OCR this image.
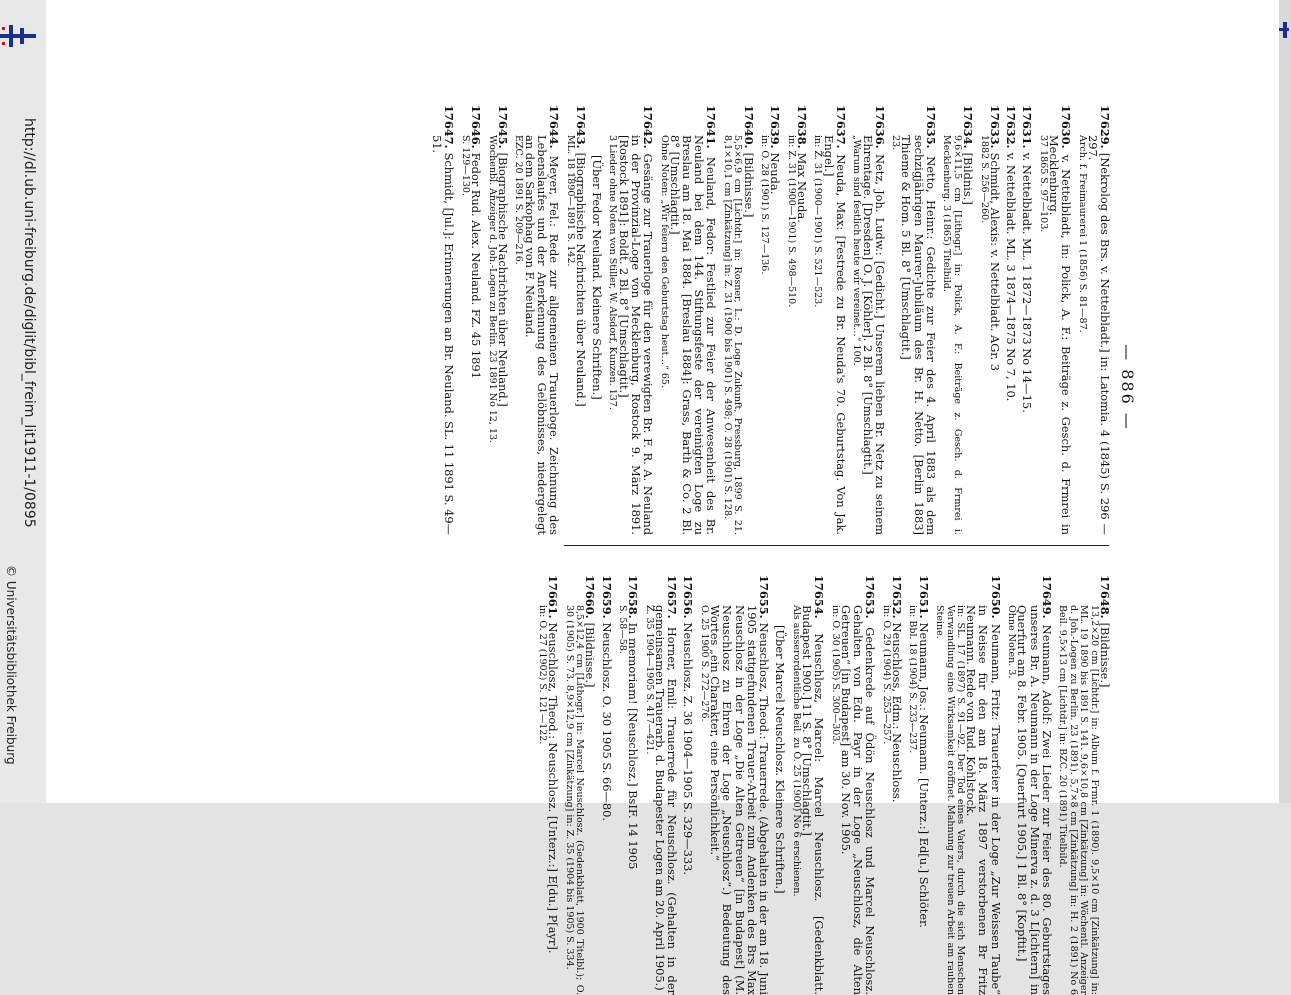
http://dl.ub.uni-freiburg.de/diglit/bibl_freim_lit1911-1/0895
© Universitätsbibliothek Freiburg
— 886 —
17629. [Nekrolog des Brs. v. Nettelbladt.] in: Latomia. 4 (1845) S. 296 — 297.
Arch. f. Freimaurerei 1 (1856) S. 81—87.
17630. v. Nettelbladt, in: Polick, A. F.: Beiträge z. Gesch. d. Frmrei in Mecklenburg.
37 1865 S. 97—103.
17631. v. Nettelbladt. ML. 1 1872—1873 No 14—15.
17632. v. Nettelbladt. ML. 3 1874—1875 No 7, 10.
17633. Schmidt, Alexis: v. Nettelbladt. AGr. 3
1882 S. 256—260.
17634. [Bildnis.]
9,6×11,5 cm [Lithogr.] in: Polick, A. F.: Beiträge z. Gesch. d. Frmrei i. Mecklenburg. 3 (1865) Titelbild.
17635. Netto, Heinr.: Gedichte zur Feier des 4. April 1883 als dem sechzigjährigen Maurer-Jubiläum des Br. H. Netto. [Berlin 1883] Thieme & Hom. 5 Bl. 8° [Umschlagtit.]
23.
17636. Netz, Joh. Ludw.: [Gedicht.] Unserem lieben Br. Netz zu seinem Ehrentage. [Dresden] O. J. [Köhler]. 2 Bl. 8° [Umschlagtit.]
„Warum sind festlich heute wir vereinet…“ 100.
17637. Neuda, Max: [Festrede zu Br. Neuda's 70. Geburtstag. Von Jak. Engel.]
in: Z. 31 (1900—1901) S. 521—523.
17638. Max Neuda.
in: Z. 31 (1900—1901) S. 498—510.
17639. Neuda.
in: O. 28 (1901) S. 127—136.
17640. [Bildnisse.]
5,5×6,9 cm [Lichtdr.] in: Rosner, L.: D. Loge Zukunft, Pressburg, 1899 S. 21. 8,1×10,1 cm [Zinkätzung] in: Z. 31 (1900 bis 1901) S. 498; O. 28 (1901) S. 128.
17641. Neuland, Fedor: Festlied zur Feier der Anwesenheit des Br. Neuland bei dem 144. Stiftungsfeste der vereinigten Loge zu Breslau am 18. Mai 1884. [Breslau 1884]: Grass, Barth & Co. 2 Bl. 8° [Umschlagtit.]
Ohne Noten: „Wir feiern den Geburtstag heut…“ 65.
17642. Gesänge zur Trauerloge für den verewigten Br. F. R. A. Neuland in der Provinzial-Loge von Mecklenburg, Rostock 9. März 1891. [Rostock 1891]: Boldt. 2 Bl. 8° [Umschlagtit.]
3 Lieder ohne Noten von Stiller, W. Alsdorf, Kunzen. 137.
[Über Fedor Neuland. Kleinere Schriften.]
17643. [Biographische Nachrichten über Neuland.]
ML. 18 1890—1891 S. 142.
17644. Meyer, Fel.: Rede zur allgemeinen Trauerloge. Zeichnung des Lebenslaufes und der Anerkennung des Gelöbnisses, niedergelegt an dem Sarkophag von F. Neuland.
EZC. 20 1891 S. 209—216.
17645. [Biographische Nachrichten über Neuland.]
Wochenbl. Anzeiger d. Joh.-Logen zu Berlin. 23 1891 No 12, 13.
17646. Fedor Rud. Alex. Neuland. FZ. 45 1891
S. 129—130.
17647. Schmidt, [Jul.]: Erinnerungen an Br. Neuland. SL. 11 1891 S. 49—51.
17648. [Bildnisse.]
13,2×20 cm [Lichtdr.] in: Album f. Frmr. 1 (1890). 9,5×10 cm [Zinkätzung] in: ML. 19 1890 bis 1891 S. 141. 9,6×10,8 cm [Zinkätzung] in: Wöchentl. Anzeiger d. Joh.-Logen zu Berlin. 23 (1891). 5,7×8 cm [Zinkätzung] in: H. 2 (1891) No 6 Beil. 9,5×13 cm [Lichtdr.] in: BZC. 20 (1891) Titelbild.
17649. Neumann, Adolf: Zwei Lieder zur Feier des 80. Geburtstages unseres Br. A. Neumann in der Loge Minerva z. d. 3 L[ichtern] in Querfurt am 8. Febr. 1905. [Querfurt 1905.] 1 Bl. 8° [Kopftit.]
Ohne Noten. 3.
17650. Neumann, Fritz: Trauerfeier in der Loge „Zur Weissen Taube“ in Neisse für den am 18. März 1897 verstorbenen Br Fritz Neumann. Rede von Rud. Kohlstock.
in: SL. 17 (1897) S. 91—92. Der Tod eines Vaters, durch die sich Menschen Verwandlung eine Wirksamkeit eröffnet. Mahnung zur treuen Arbeit am rauhen Steine.
17651. Neumann, Jos.: Neumann. [Unterz.:] Ed[u.] Schlöter.
in: Bbl. 18 (1904) S. 233—237.
17652. Neuschloss, Edm.: Neuschloss.
in: O. 29 (1904) S. 253—257.
17653. Gedenkrede auf Ödön Neuschlosz und Marcel Neuschlosz. Gehalten von Edu. Payr in der Loge „Neuschlosz, die Alten Getreuen“ [in Budapest] am 30. Nov. 1905.
in: O. 30 (1905) S. 300—303.
17654. Neuschlosz, Marcel: Marcel Neuschlosz. [Gedenkblatt. Budapest 1900.] 11 S. 8° [Umschlagtit.]
Als ausserordentliche Beil. zu O. 25 (1900) No 6 erschienen.
[Über Marcel Neuschlosz. Kleinere Schriften.]
17655. Neuschlosz, Theod.: Trauerrede. (Abgehalten in der am 18. Juni 1905 stattgefundenen Trauer-Arbeit zum Andenken des Brs Max Neuschlosz in der Loge „Die Alten Getreuen“ [in Budapest] (M. Neuschlosz zu Ehren der Loge „Neuschlosz“.) Bedeutung des Wortes „ein Charakter, eine Persönlichkeit.“
O. 25 1900 S. 272—276.
17656. Neuschlosz. Z. 36 1904—1905 S. 329—333.
17657. Horner, Emil: Trauerrede für Neuschlosz. (Gehalten in der gemeinsamen Trauerarb. d. Budapester Logen am 20. April 1905.)
Z. 35 1904—1905 S. 417—421.
17658. In memoriam! [Neuschlosz.] BsIF. 14 1905
S. 58—58.
17659. Neuschlosz. O. 30 1905 S. 66—80.
17660. [Bildnisse.]
8,5×12,4 cm [Lithogr.] in: Marcel Neuschlosz. (Gedenkblatt, 1900 Titelbl.); O. 30 (1905) S. 73. 8,9×12,9 cm [Zinkätzung] in: Z. 35 (1904 bis 1905) S. 334.
17661. Neuschlosz, Theod.: Neuschlosz. [Unterz.:] E[du.] P[ayr].
in: O. 27 (1902) S. 121—122.
